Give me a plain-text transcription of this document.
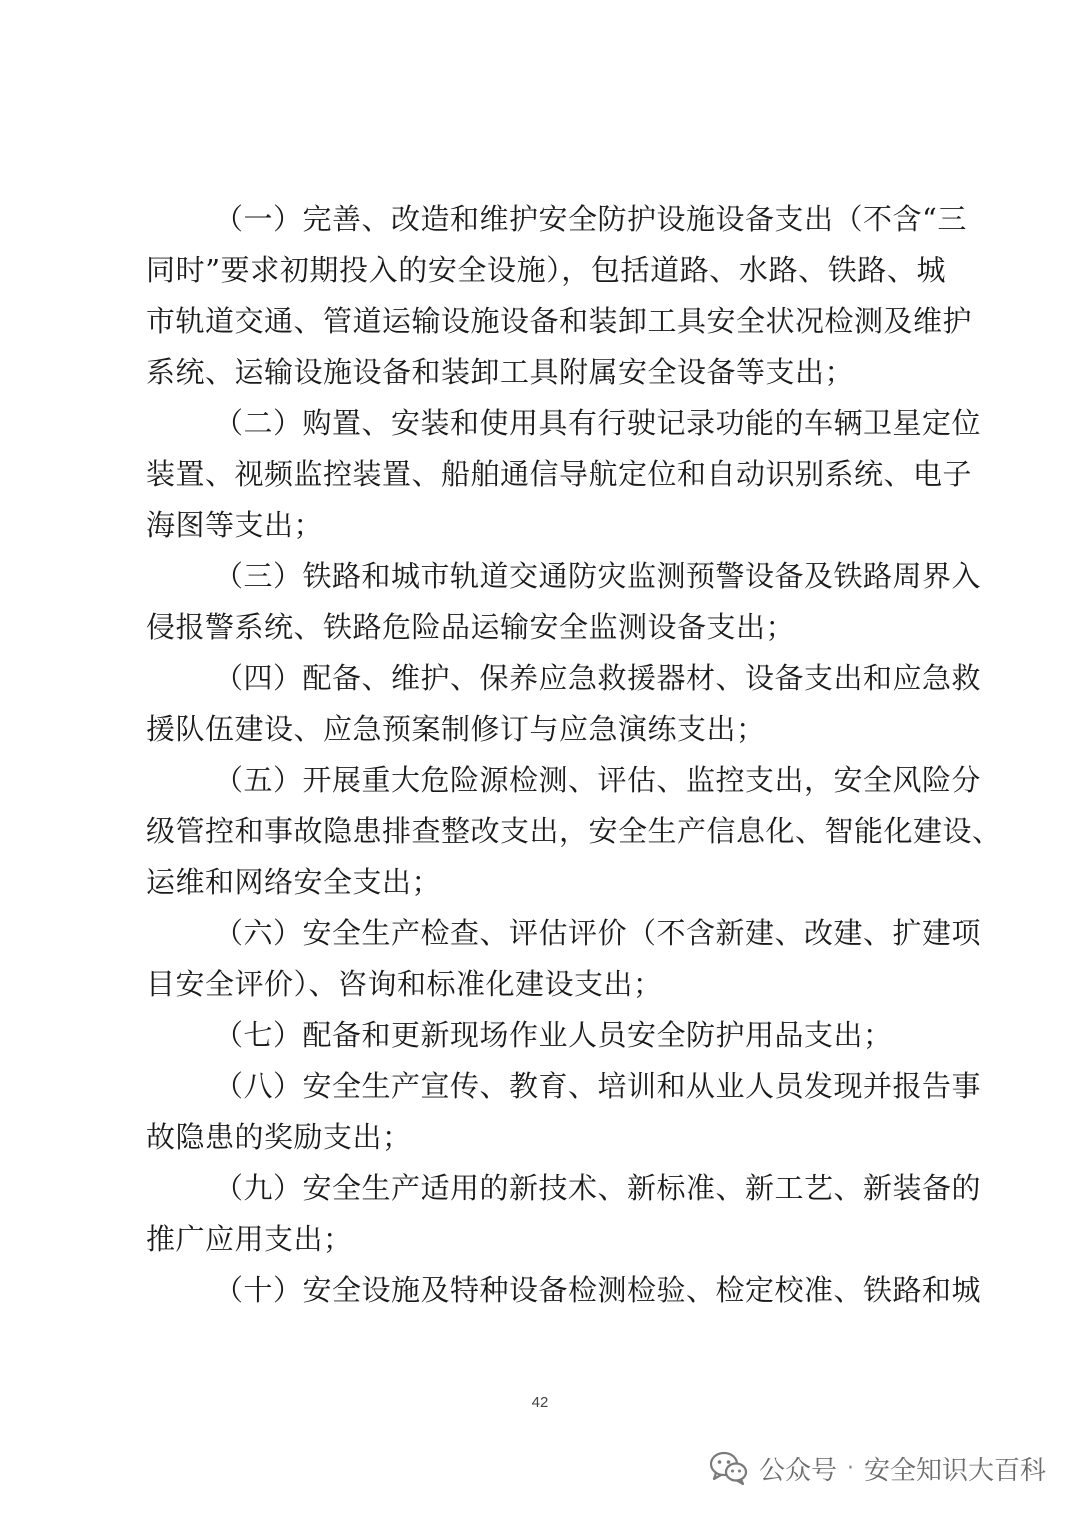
（一）完善、改造和维护安全防护设施设备支出（不含“三
同时”要求初期投入的安全设施），包括道路、水路、铁路、城
市轨道交通、管道运输设施设备和装卸工具安全状况检测及维护
系统、运输设施设备和装卸工具附属安全设备等支出；
（二）购置、安装和使用具有行驶记录功能的车辆卫星定位
装置、视频监控装置、船舶通信导航定位和自动识别系统、电子
海图等支出；
（三）铁路和城市轨道交通防灾监测预警设备及铁路周界入
侵报警系统、铁路危险品运输安全监测设备支出；
（四）配备、维护、保养应急救援器材、设备支出和应急救
援队伍建设、应急预案制修订与应急演练支出；
（五）开展重大危险源检测、评估、监控支出，安全风险分
级管控和事故隐患排查整改支出，安全生产信息化、智能化建设、
运维和网络安全支出；
（六）安全生产检查、评估评价（不含新建、改建、扩建项
目安全评价）、咨询和标准化建设支出；
（七）配备和更新现场作业人员安全防护用品支出；
（八）安全生产宣传、教育、培训和从业人员发现并报告事
故隐患的奖励支出；
（九）安全生产适用的新技术、新标准、新工艺、新装备的
推广应用支出；
（十）安全设施及特种设备检测检验、检定校准、铁路和城
42
公众号 · 安全知识大百科
